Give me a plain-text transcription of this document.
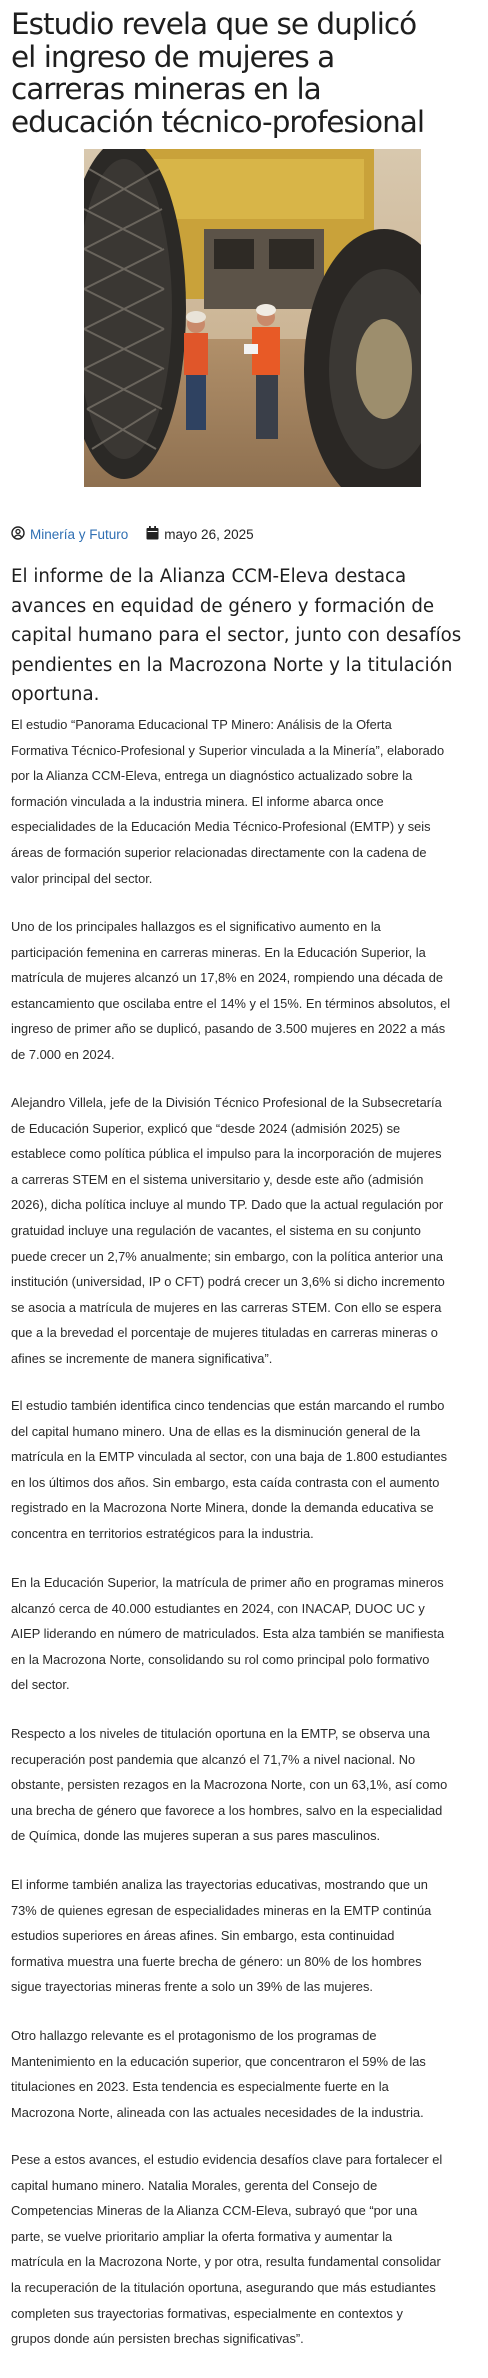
Estudio revela que se duplicó
el ingreso de mujeres a
carreras mineras en la
educación técnico-profesional
Minería y Futuro	mayo 26, 2025
El informe de la Alianza CCM-Eleva destaca
avances en equidad de género y formación de
capital humano para el sector, junto con desafíos
pendientes en la Macrozona Norte y la titulación
oportuna.

El estudio “Panorama Educacional TP Minero: Análisis de la Oferta
Formativa Técnico-Profesional y Superior vinculada a la Minería”, elaborado
por la Alianza CCM-Eleva, entrega un diagnóstico actualizado sobre la
formación vinculada a la industria minera. El informe abarca once
especialidades de la Educación Media Técnico-Profesional (EMTP) y seis
áreas de formación superior relacionadas directamente con la cadena de
valor principal del sector.

Uno de los principales hallazgos es el significativo aumento en la
participación femenina en carreras mineras. En la Educación Superior, la
matrícula de mujeres alcanzó un 17,8% en 2024, rompiendo una década de
estancamiento que oscilaba entre el 14% y el 15%. En términos absolutos, el
ingreso de primer año se duplicó, pasando de 3.500 mujeres en 2022 a más
de 7.000 en 2024.

Alejandro Villela, jefe de la División Técnico Profesional de la Subsecretaría
de Educación Superior, explicó que “desde 2024 (admisión 2025) se
establece como política pública el impulso para la incorporación de mujeres
a carreras STEM en el sistema universitario y, desde este año (admisión
2026), dicha política incluye al mundo TP. Dado que la actual regulación por
gratuidad incluye una regulación de vacantes, el sistema en su conjunto
puede crecer un 2,7% anualmente; sin embargo, con la política anterior una
institución (universidad, IP o CFT) podrá crecer un 3,6% si dicho incremento
se asocia a matrícula de mujeres en las carreras STEM. Con ello se espera
que a la brevedad el porcentaje de mujeres tituladas en carreras mineras o
afines se incremente de manera significativa”.

El estudio también identifica cinco tendencias que están marcando el rumbo
del capital humano minero. Una de ellas es la disminución general de la
matrícula en la EMTP vinculada al sector, con una baja de 1.800 estudiantes
en los últimos dos años. Sin embargo, esta caída contrasta con el aumento
registrado en la Macrozona Norte Minera, donde la demanda educativa se
concentra en territorios estratégicos para la industria.

En la Educación Superior, la matrícula de primer año en programas mineros
alcanzó cerca de 40.000 estudiantes en 2024, con INACAP, DUOC UC y
AIEP liderando en número de matriculados. Esta alza también se manifiesta
en la Macrozona Norte, consolidando su rol como principal polo formativo
del sector.

Respecto a los niveles de titulación oportuna en la EMTP, se observa una
recuperación post pandemia que alcanzó el 71,7% a nivel nacional. No
obstante, persisten rezagos en la Macrozona Norte, con un 63,1%, así como
una brecha de género que favorece a los hombres, salvo en la especialidad
de Química, donde las mujeres superan a sus pares masculinos.

El informe también analiza las trayectorias educativas, mostrando que un
73% de quienes egresan de especialidades mineras en la EMTP continúa
estudios superiores en áreas afines. Sin embargo, esta continuidad
formativa muestra una fuerte brecha de género: un 80% de los hombres
sigue trayectorias mineras frente a solo un 39% de las mujeres.

Otro hallazgo relevante es el protagonismo de los programas de
Mantenimiento en la educación superior, que concentraron el 59% de las
titulaciones en 2023. Esta tendencia es especialmente fuerte en la
Macrozona Norte, alineada con las actuales necesidades de la industria.

Pese a estos avances, el estudio evidencia desafíos clave para fortalecer el
capital humano minero. Natalia Morales, gerenta del Consejo de
Competencias Mineras de la Alianza CCM-Eleva, subrayó que “por una
parte, se vuelve prioritario ampliar la oferta formativa y aumentar la
matrícula en la Macrozona Norte, y por otra, resulta fundamental consolidar
la recuperación de la titulación oportuna, asegurando que más estudiantes
completen sus trayectorias formativas, especialmente en contextos y
grupos donde aún persisten brechas significativas”.
